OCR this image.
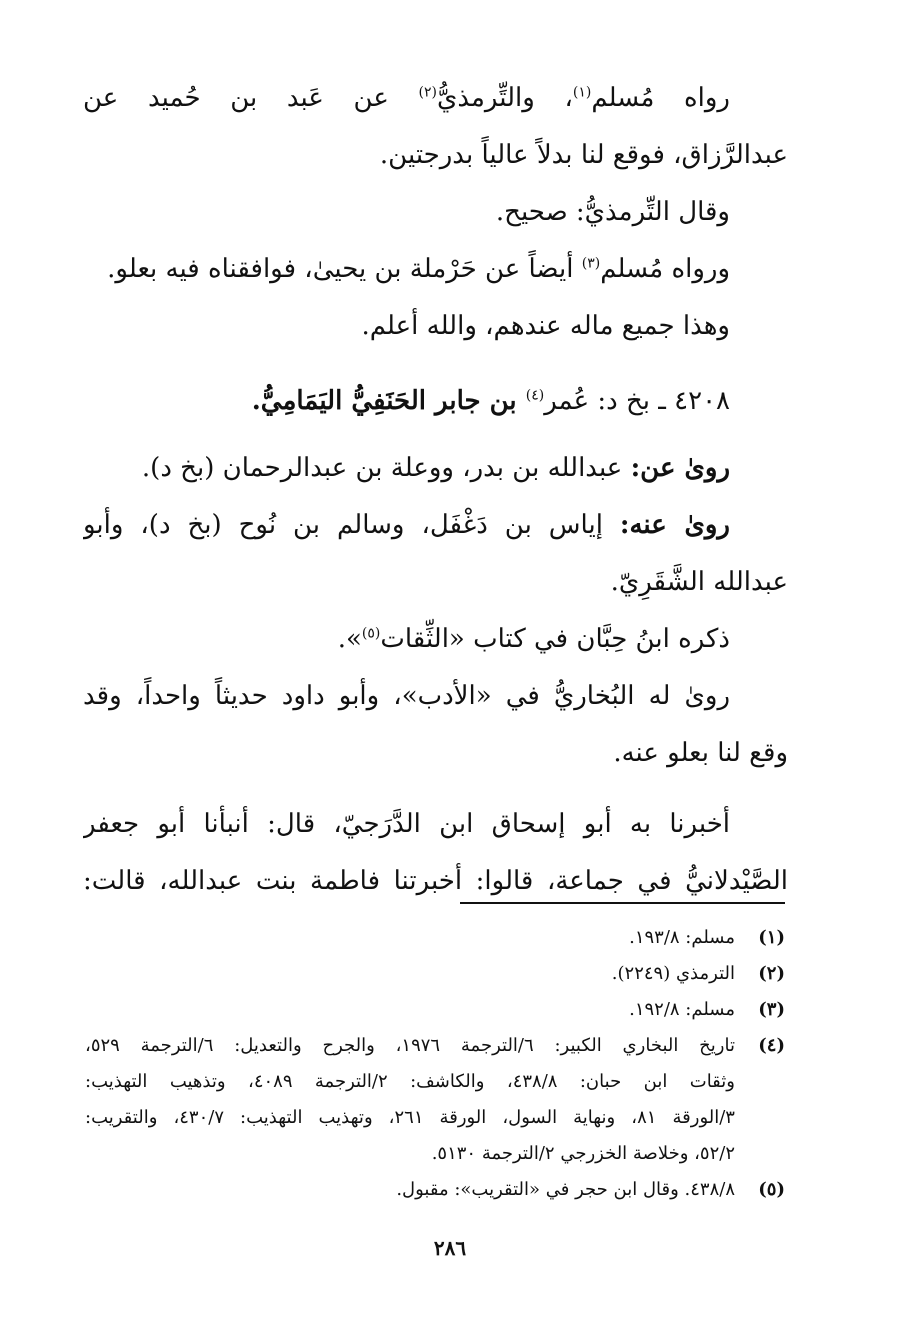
رواه مُسلم$^{(١)}$، والتِّرمذيُّ$^{(٢)}$ عن عَبد بن حُميد عن
عبدالرَّزاق، فوقع لنا بدلاً عالياً بدرجتين.
وقال التِّرمذيُّ: صحيح.
ورواه مُسلم$^{(٣)}$ أيضاً عن حَرْملة بن يحيىٰ، فوافقناه فيه بعلو.
وهذا جميع ماله عندهم، والله أعلم.
٤٢٠٨ ـ بخ د: عُمر$^{(٤)}$ بن جابر الحَنَفِيُّ اليَمَامِيُّ.
روىٰ عن: عبدالله بن بدر، ووعلة بن عبدالرحمان (بخ د).
روىٰ عنه: إياس بن دَغْفَل، وسالم بن نُوح (بخ د)، وأبو
عبدالله الشَّقَرِيّ.
ذكره ابنُ حِبَّان في كتاب «الثِّقات$^{(٥)}$».
روىٰ له البُخاريُّ في «الأدب»، وأبو داود حديثاً واحداً، وقد
وقع لنا بعلو عنه.
أخبرنا به أبو إسحاق ابن الدَّرَجيّ، قال: أنبأنا أبو جعفر
الصَّيْدلانيُّ في جماعة، قالوا: أخبرتنا فاطمة بنت عبدالله، قالت:
(١)
مسلم: ١٩٣/٨.
(٢)
الترمذي (٢٢٤٩).
(٣)
مسلم: ١٩٢/٨.
(٤)
تاريخ البخاري الكبير: ٦/الترجمة ١٩٧٦، والجرح والتعديل: ٦/الترجمة ٥٢٩،
وثقات ابن حبان: ٤٣٨/٨، والكاشف: ٢/الترجمة ٤٠٨٩، وتذهيب التهذيب:
٣/الورقة ٨١، ونهاية السول، الورقة ٢٦١، وتهذيب التهذيب: ٤٣٠/٧، والتقريب:
٥٢/٢، وخلاصة الخزرجي ٢/الترجمة ٥١٣٠.
(٥)
٤٣٨/٨. وقال ابن حجر في «التقريب»: مقبول.
٢٨٦
